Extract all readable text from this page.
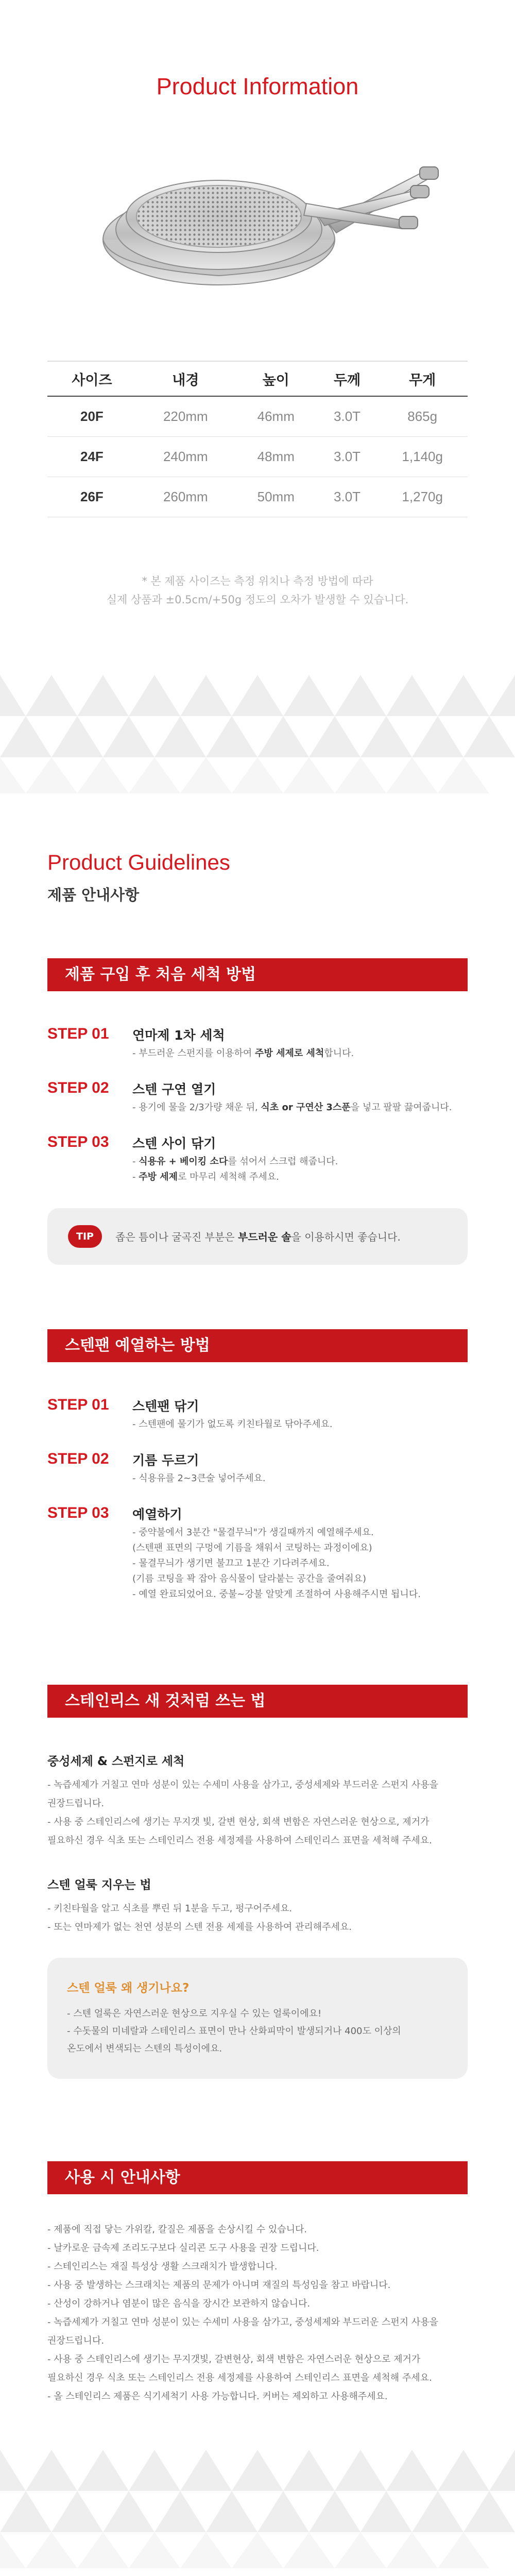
Product Information
사이즈	내경	높이	두께	무게
20F	220mm	46mm	3.0T	865g
24F	240mm	48mm	3.0T	1,140g
26F	260mm	50mm	3.0T	1,270g
* 본 제품 사이즈는 측정 위치나 측정 방법에 따라
실제 상품과 ±0.5cm/+50g 정도의 오차가 발생할 수 있습니다.
Product Guidelines
제품 안내사항
제품 구입 후 처음 세척 방법
STEP 01 연마제 1차 세척

- 부드러운 스펀지를 이용하여 주방 세제로 세척합니다.

STEP 02 스텐 구연 열기

- 용기에 물을 2/3가량 채운 뒤, 식초 or 구연산 3스푼을 넣고 팔팔 끓여줍니다.

STEP 03 스텐 사이 닦기

- 식용유 + 베이킹 소다를 섞어서 스크럽 해줍니다.

- 주방 세제로 마무리 세척해 주세요.

TIP	좁은 틈이나 굴곡진 부분은 부드러운 솔을 이용하시면 좋습니다.
스텐팬 예열하는 방법
STEP 01 스텐팬 닦기

- 스텐팬에 물기가 없도록 키친타월로 닦아주세요.

STEP 02 기름 두르기

- 식용유를 2~3큰술 넣어주세요.

STEP 03 예열하기

- 중약불에서 3분간 "물결무늬"가 생길때까지 예열해주세요.

(스텐팬 표면의 구멍에 기름을 채워서 코팅하는 과정이에요)

- 물결무늬가 생기면 불끄고 1분간 기다려주세요.

(기름 코팅을 꽉 잡아 음식물이 달라붙는 공간을 줄여줘요)

- 예열 완료되었어요. 중불~강불 알맞게 조절하여 사용해주시면 됩니다.

스테인리스 새 것처럼 쓰는 법
중성세제 & 스펀지로 세척

- 녹즙세제가 거칠고 연마 성분이 있는 수세미 사용을 삼가고, 중성세제와 부드러운 스펀지 사용을

권장드립니다.

- 사용 중 스테인리스에 생기는 무지갯 빛, 갈변 현상, 회색 변함은 자연스러운 현상으로, 제거가

필요하신 경우 식초 또는 스테인리스 전용 세정제를 사용하여 스테인리스 표면을 세척해 주세요.

스텐 얼룩 지우는 법

- 키친타월을 알고 식초를 뿌린 뒤 1분을 두고, 펑구어주세요.

- 또는 연마제가 없는 천연 성분의 스텐 전용 세제를 사용하여 관리해주세요.

스텐 얼룩 왜 생기나요?

- 스텐 얼룩은 자연스러운 현상으로 지우실 수 있는 얼룩이에요!

- 수돗물의 미네랄과 스테인리스 표면이 만나 산화피막이 발생되거나 400도 이상의

온도에서 변색되는 스텐의 특성이에요.

사용 시 안내사항

- 제품에 직접 닿는 가위칼, 칼질은 제품을 손상시킬 수 있습니다.

- 날카로운 금속제 조리도구보다 실리콘 도구 사용을 권장 드립니다.

- 스테인리스는 재질 특성상 생활 스크래치가 발생합니다.

- 사용 중 발생하는 스크래치는 제품의 문제가 아니며 재질의 특성임을 참고 바랍니다.

- 산성이 강하거나 염분이 많은 음식을 장시간 보관하지 않습니다.

- 녹즙세제가 거칠고 연마 성분이 있는 수세미 사용을 삼가고, 중성세제와 부드러운 스펀지 사용을

권장드립니다.

- 사용 중 스테인리스에 생기는 무지갯빛, 갈변현상, 회색 변함은 자연스러운 현상으로 제거가

필요하신 경우 식초 또는 스테인리스 전용 세정제를 사용하여 스테인리스 표면을 세척해 주세요.

- 올 스테인리스 제품은 식기세척기 사용 가능합니다. 커버는 제외하고 사용해주세요.
